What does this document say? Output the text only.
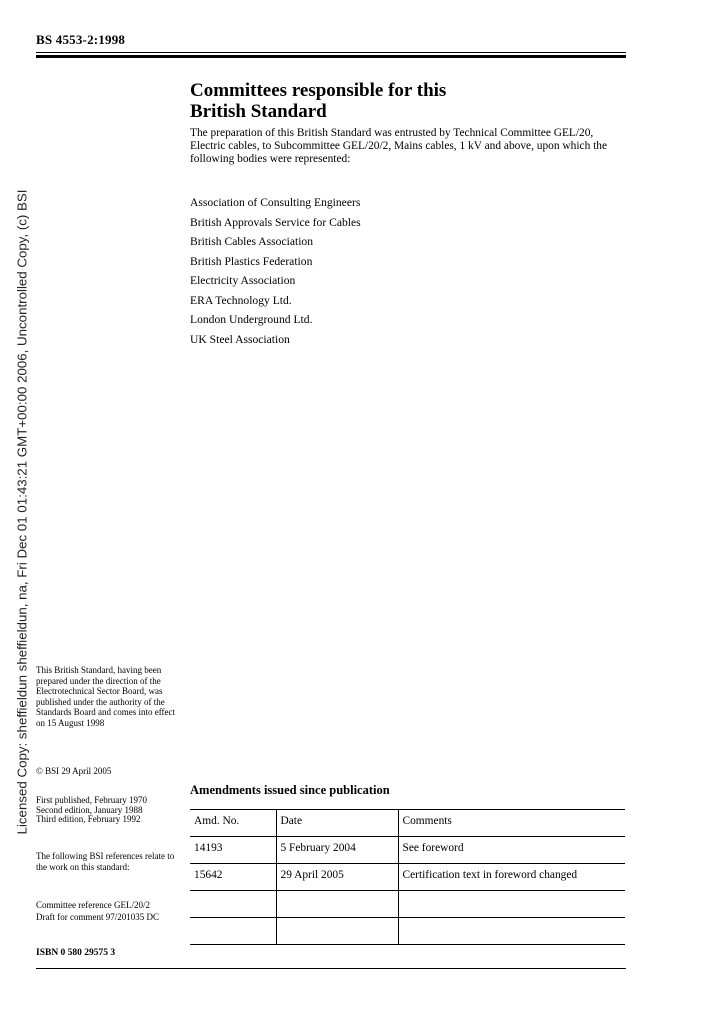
BS 4553-2:1998
Committees responsible for this
British Standard
The preparation of this British Standard was entrusted by Technical Committee GEL/20, Electric cables, to Subcommittee GEL/20/2, Mains cables, 1 kV and above, upon which the following bodies were represented:
Association of Consulting Engineers
British Approvals Service for Cables
British Cables Association
British Plastics Federation
Electricity Association
ERA Technology Ltd.
London Underground Ltd.
UK Steel Association
This British Standard, having been prepared under the direction of the Electrotechnical Sector Board, was published under the authority of the Standards Board and comes into effect on 15 August 1998
© BSI 29 April 2005
First published, February 1970
Second edition, January 1988
Third edition, February 1992
The following BSI references relate to the work on this standard:
Committee reference GEL/20/2
Draft for comment 97/201035 DC
ISBN 0 580 29575 3
Amendments issued since publication
Amd. No.	Date	Comments
14193	5 February 2004	See foreword
15642	29 April 2005	Certification text in foreword changed

Licensed Copy: sheffieldun sheffieldun, na, Fri Dec 01 01:43:21 GMT+00:00 2006, Uncontrolled Copy, (c) BSI
